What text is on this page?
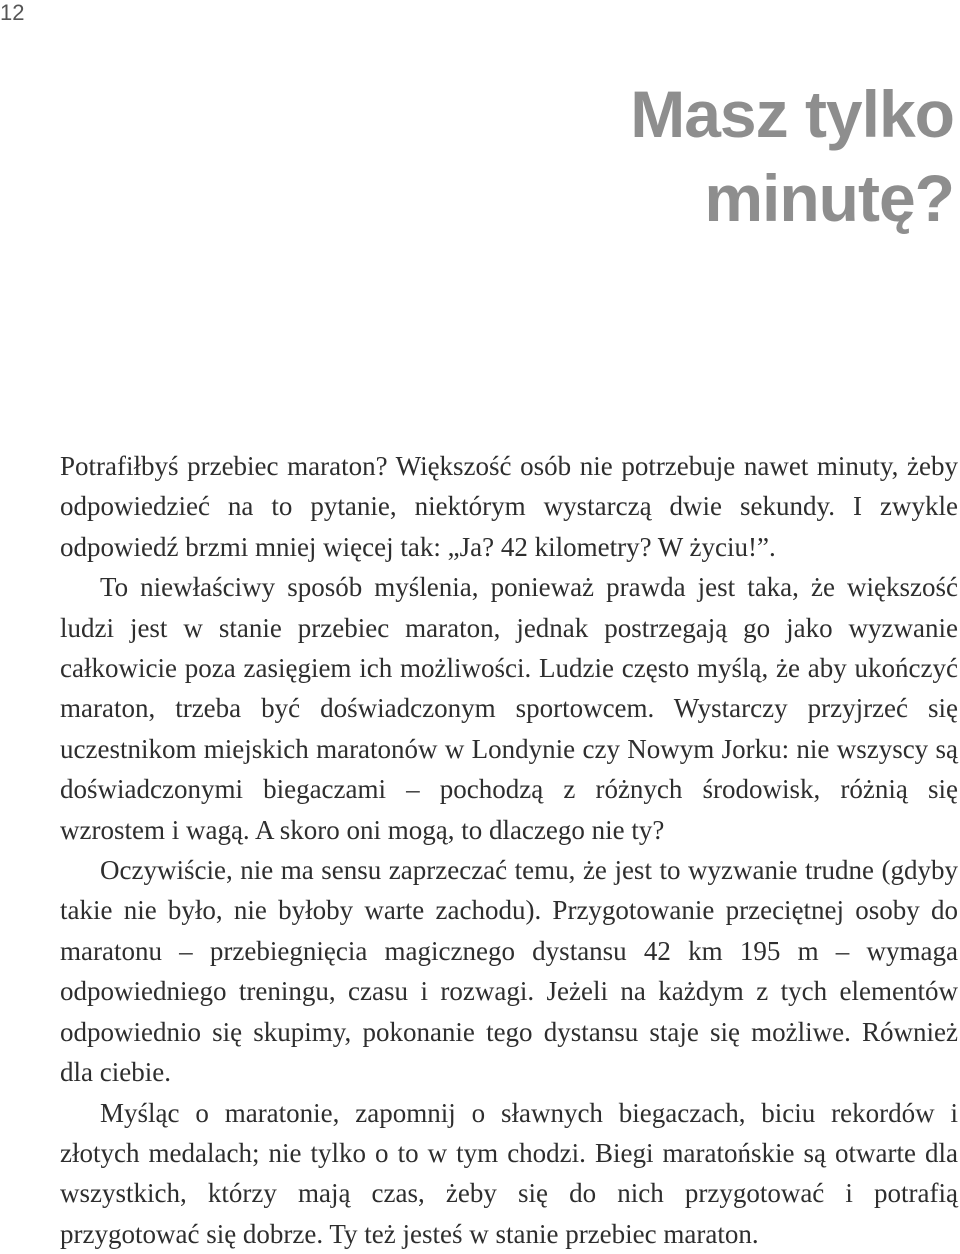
12
Masz tylko
minutę?

Potrafiłbyś przebiec maraton? Większość osób nie potrzebuje nawet minuty, żeby odpowiedzieć na to pytanie, niektórym wystarczą dwie sekundy. I zwykle odpowiedź brzmi mniej więcej tak: „Ja? 42 kilometry? W życiu!”.

To niewłaściwy sposób myślenia, ponieważ prawda jest taka, że większość ludzi jest w stanie przebiec maraton, jednak postrzegają go jako wyzwanie całkowicie poza zasięgiem ich możliwości. Ludzie często myślą, że aby ukończyć maraton, trzeba być doświadczonym sportowcem. Wystarczy przyjrzeć się uczestnikom miejskich maratonów w Londynie czy Nowym Jorku: nie wszyscy są doświadczonymi biegaczami – pochodzą z różnych środowisk, różnią się wzrostem i wagą. A skoro oni mogą, to dlaczego nie ty?

Oczywiście, nie ma sensu zaprzeczać temu, że jest to wyzwanie trudne (gdyby takie nie było, nie byłoby warte zachodu). Przygotowanie przeciętnej osoby do maratonu – przebiegnięcia magicznego dystansu 42 km 195 m – wymaga odpowiedniego treningu, czasu i rozwagi. Jeżeli na każdym z tych elementów odpowiednio się skupimy, pokonanie tego dystansu staje się możliwe. Również dla ciebie.

Myśląc o maratonie, zapomnij o sławnych biegaczach, biciu rekordów i złotych medalach; nie tylko o to w tym chodzi. Biegi maratońskie są otwarte dla wszystkich, którzy mają czas, żeby się do nich przygotować i potrafią przygotować się dobrze. Ty też jesteś w stanie przebiec maraton.
